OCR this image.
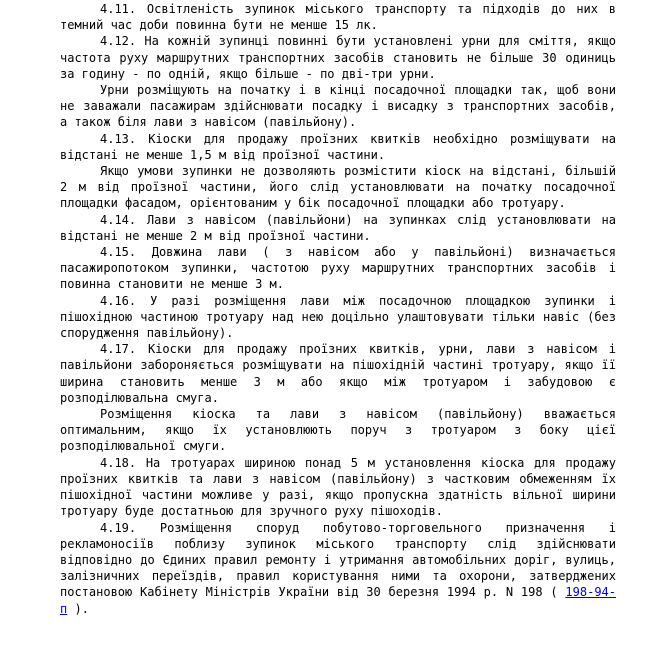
4.11. Освітленість зупинок міського транспорту та підходів до них в темний час доби повинна бути не менше 15 лк.

4.12. На кожній зупинці повинні бути установлені урни для сміття, якщо частота руху маршрутних транспортних засобів становить не більше 30 одиниць за годину - по одній, якщо більше - по дві-три урни.

Урни розміщують на початку і в кінці посадочної площадки так, щоб вони не заважали пасажирам здійснювати посадку і висадку з транспортних засобів, а також біля лави з навісом (павільйону).

4.13. Кіоски для продажу проїзних квитків необхідно розміщувати на відстані не менше 1,5 м від проїзної частини.

Якщо умови зупинки не дозволяють розмістити кіоск на відстані, більшій 2 м від проїзної частини, його слід установлювати на початку посадочної площадки фасадом, орієнтованим у бік посадочної площадки або тротуару.

4.14. Лави з навісом (павільйони) на зупинках слід установлювати на відстані не менше 2 м від проїзної частини.

4.15. Довжина лави ( з навісом або у павільйоні) визначається пасажиропотоком зупинки, частотою руху маршрутних транспортних засобів і повинна становити не менше 3 м.

4.16. У разі розміщення лави між посадочною площадкою зупинки і пішохідною частиною тротуару над нею доцільно улаштовувати тільки навіс (без спорудження павільйону).

4.17. Кіоски для продажу проїзних квитків, урни, лави з навісом і павільйони забороняється розміщувати на пішохідній частині тротуару, якщо її ширина становить менше 3 м або якщо між тротуаром і забудовою є розподілювальна смуга.

Розміщення кіоска та лави з навісом (павільйону) вважається оптимальним, якщо їх установлюють поруч з тротуаром з боку цієї розподілювальної смуги.

4.18. На тротуарах шириною понад 5 м установлення кіоска для продажу проїзних квитків та лави з навісом (павільйону) з частковим обмеженням їх пішохідної частини можливе у разі, якщо пропускна здатність вільної ширини тротуару буде достатньою для зручного руху пішоходів.

4.19. Розміщення споруд побутово-торговельного призначення і рекламоносіїв поблизу зупинок міського транспорту слід здійснювати відповідно до Єдиних правил ремонту і утримання автомобільних доріг, вулиць, залізничних переїздів, правил користування ними та охорони, затверджених постановою Кабінету Міністрів України від 30 березня 1994 р. N 198 ( 198-94-п ).
